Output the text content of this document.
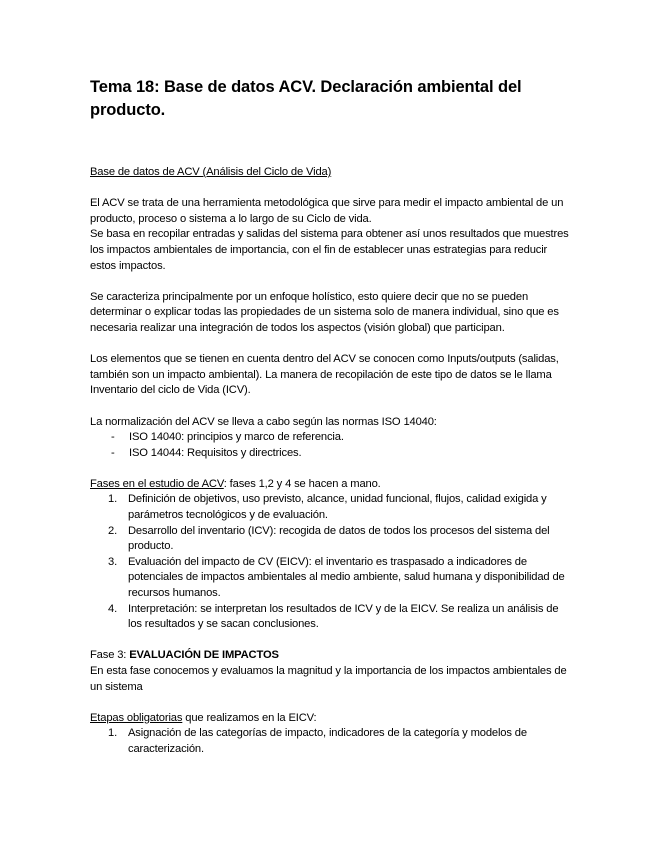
Tema 18: Base de datos ACV. Declaración ambiental del producto.

Base de datos de ACV (Análisis del Ciclo de Vida)

El ACV se trata de una herramienta metodológica que sirve para medir el impacto ambiental de un producto, proceso o sistema a lo largo de su Ciclo de vida.

Se basa en recopilar entradas y salidas del sistema para obtener así unos resultados que muestres los impactos ambientales de importancia, con el fin de establecer unas estrategias para reducir estos impactos.

Se caracteriza principalmente por un enfoque holístico, esto quiere decir que no se pueden determinar o explicar todas las propiedades de un sistema solo de manera individual, sino que es necesaria realizar una integración de todos los aspectos (visión global) que participan.

Los elementos que se tienen en cuenta dentro del ACV se conocen como Inputs/outputs (salidas, también son un impacto ambiental). La manera de recopilación de este tipo de datos se le llama Inventario del ciclo de Vida (ICV).

La normalización del ACV se lleva a cabo según las normas ISO 14040:

- ISO 14040: principios y marco de referencia.
- ISO 14044: Requisitos y directrices.

Fases en el estudio de ACV: fases 1,2 y 4 se hacen a mano.

1. Definición de objetivos, uso previsto, alcance, unidad funcional, flujos, calidad exigida y parámetros tecnológicos y de evaluación.
2. Desarrollo del inventario (ICV): recogida de datos de todos los procesos del sistema del producto.
3. Evaluación del impacto de CV (EICV): el inventario es traspasado a indicadores de potenciales de impactos ambientales al medio ambiente, salud humana y disponibilidad de recursos humanos.
4. Interpretación: se interpretan los resultados de ICV y de la EICV. Se realiza un análisis de los resultados y se sacan conclusiones.

Fase 3: EVALUACIÓN DE IMPACTOS

En esta fase conocemos y evaluamos la magnitud y la importancia de los impactos ambientales de un sistema

Etapas obligatorias que realizamos en la EICV:

1. Asignación de las categorías de impacto, indicadores de la categoría y modelos de caracterización.
